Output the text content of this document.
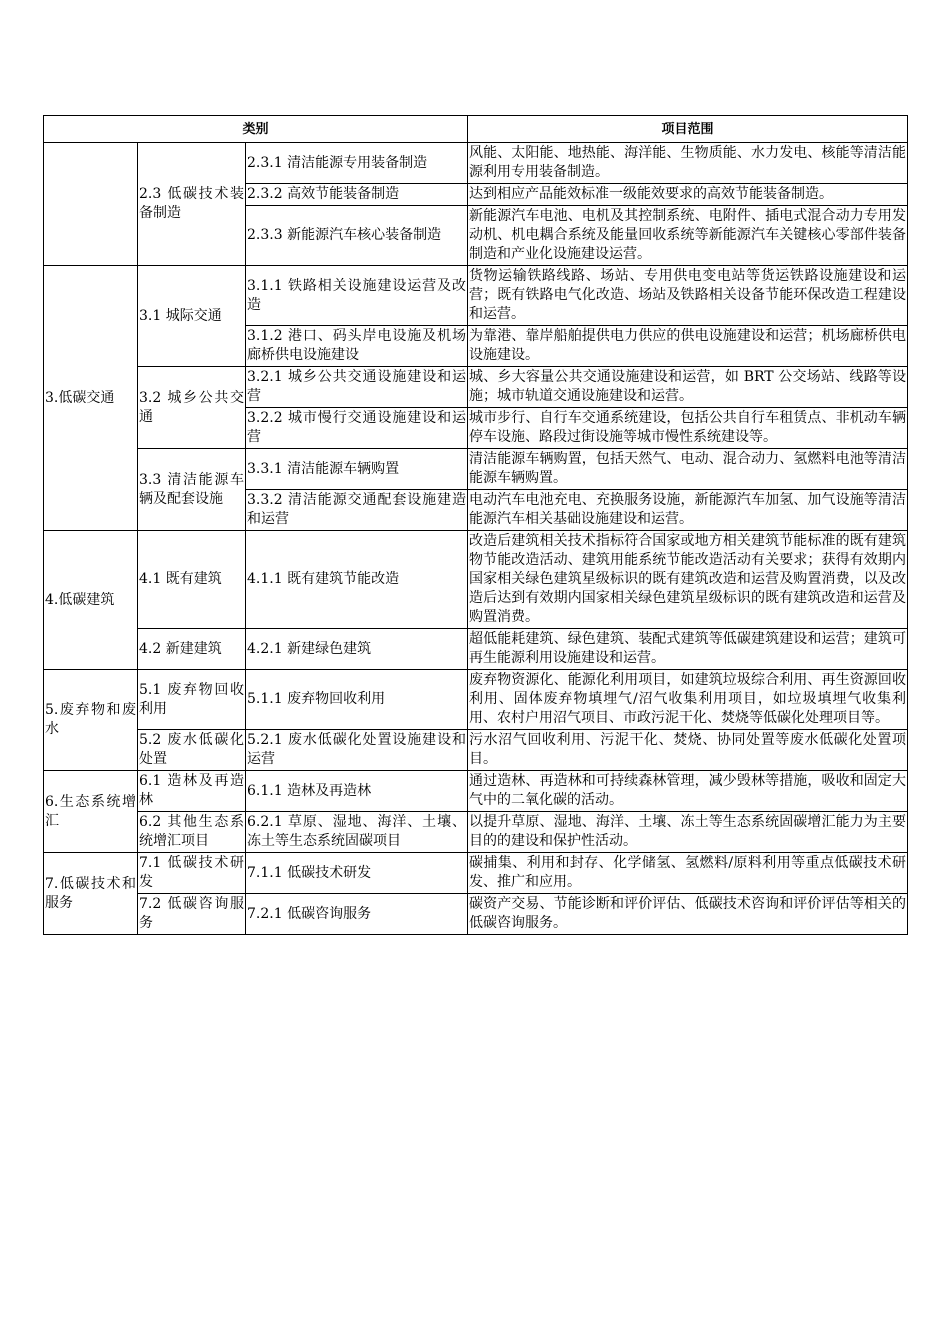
类别			项目范围
	2.3 低碳技术装备制造	2.3.1 清洁能源专用装备制造	风能、太阳能、地热能、海洋能、生物质能、水力发电、核能等清洁能源利用专用装备制造。
		2.3.2 高效节能装备制造	达到相应产品能效标准一级能效要求的高效节能装备制造。
		2.3.3 新能源汽车核心装备制造	新能源汽车电池、电机及其控制系统、电附件、插电式混合动力专用发动机、机电耦合系统及能量回收系统等新能源汽车关键核心零部件装备制造和产业化设施建设运营。
3.低碳交通	3.1 城际交通	3.1.1 铁路相关设施建设运营及改造	货物运输铁路线路、场站、专用供电变电站等货运铁路设施建设和运营；既有铁路电气化改造、场站及铁路相关设备节能环保改造工程建设和运营。
		3.1.2 港口、码头岸电设施及机场廊桥供电设施建设	为靠港、靠岸船舶提供电力供应的供电设施建设和运营；机场廊桥供电设施建设。
	3.2 城乡公共交通	3.2.1 城乡公共交通设施建设和运营	城、乡大容量公共交通设施建设和运营，如 BRT 公交场站、线路等设施；城市轨道交通设施建设和运营。
		3.2.2 城市慢行交通设施建设和运营	城市步行、自行车交通系统建设，包括公共自行车租赁点、非机动车辆停车设施、路段过街设施等城市慢性系统建设等。
	3.3 清洁能源车辆及配套设施	3.3.1 清洁能源车辆购置	清洁能源车辆购置，包括天然气、电动、混合动力、氢燃料电池等清洁能源车辆购置。
		3.3.2 清洁能源交通配套设施建造和运营	电动汽车电池充电、充换服务设施，新能源汽车加氢、加气设施等清洁能源汽车相关基础设施建设和运营。
4.低碳建筑	4.1 既有建筑	4.1.1 既有建筑节能改造	改造后建筑相关技术指标符合国家或地方相关建筑节能标准的既有建筑物节能改造活动、建筑用能系统节能改造活动有关要求；获得有效期内国家相关绿色建筑星级标识的既有建筑改造和运营及购置消费，以及改造后达到有效期内国家相关绿色建筑星级标识的既有建筑改造和运营及购置消费。
	4.2 新建建筑	4.2.1 新建绿色建筑	超低能耗建筑、绿色建筑、装配式建筑等低碳建筑建设和运营；建筑可再生能源利用设施建设和运营。
5.废弃物和废水	5.1 废弃物回收利用	5.1.1 废弃物回收利用	废弃物资源化、能源化利用项目，如建筑垃圾综合利用、再生资源回收利用、固体废弃物填埋气/沼气收集利用项目，如垃圾填埋气收集利用、农村户用沼气项目、市政污泥干化、焚烧等低碳化处理项目等。
	5.2 废水低碳化处置	5.2.1 废水低碳化处置设施建设和运营	污水沼气回收利用、污泥干化、焚烧、协同处置等废水低碳化处置项目。
6.生态系统增汇	6.1 造林及再造林	6.1.1 造林及再造林	通过造林、再造林和可持续森林管理，减少毁林等措施，吸收和固定大气中的二氧化碳的活动。
	6.2 其他生态系统增汇项目	6.2.1 草原、湿地、海洋、土壤、冻土等生态系统固碳项目	以提升草原、湿地、海洋、土壤、冻土等生态系统固碳增汇能力为主要目的的建设和保护性活动。
7.低碳技术和服务	7.1 低碳技术研发	7.1.1 低碳技术研发	碳捕集、利用和封存、化学储氢、氢燃料/原料利用等重点低碳技术研发、推广和应用。
	7.2 低碳咨询服务	7.2.1 低碳咨询服务	碳资产交易、节能诊断和评价评估、低碳技术咨询和评价评估等相关的低碳咨询服务。
